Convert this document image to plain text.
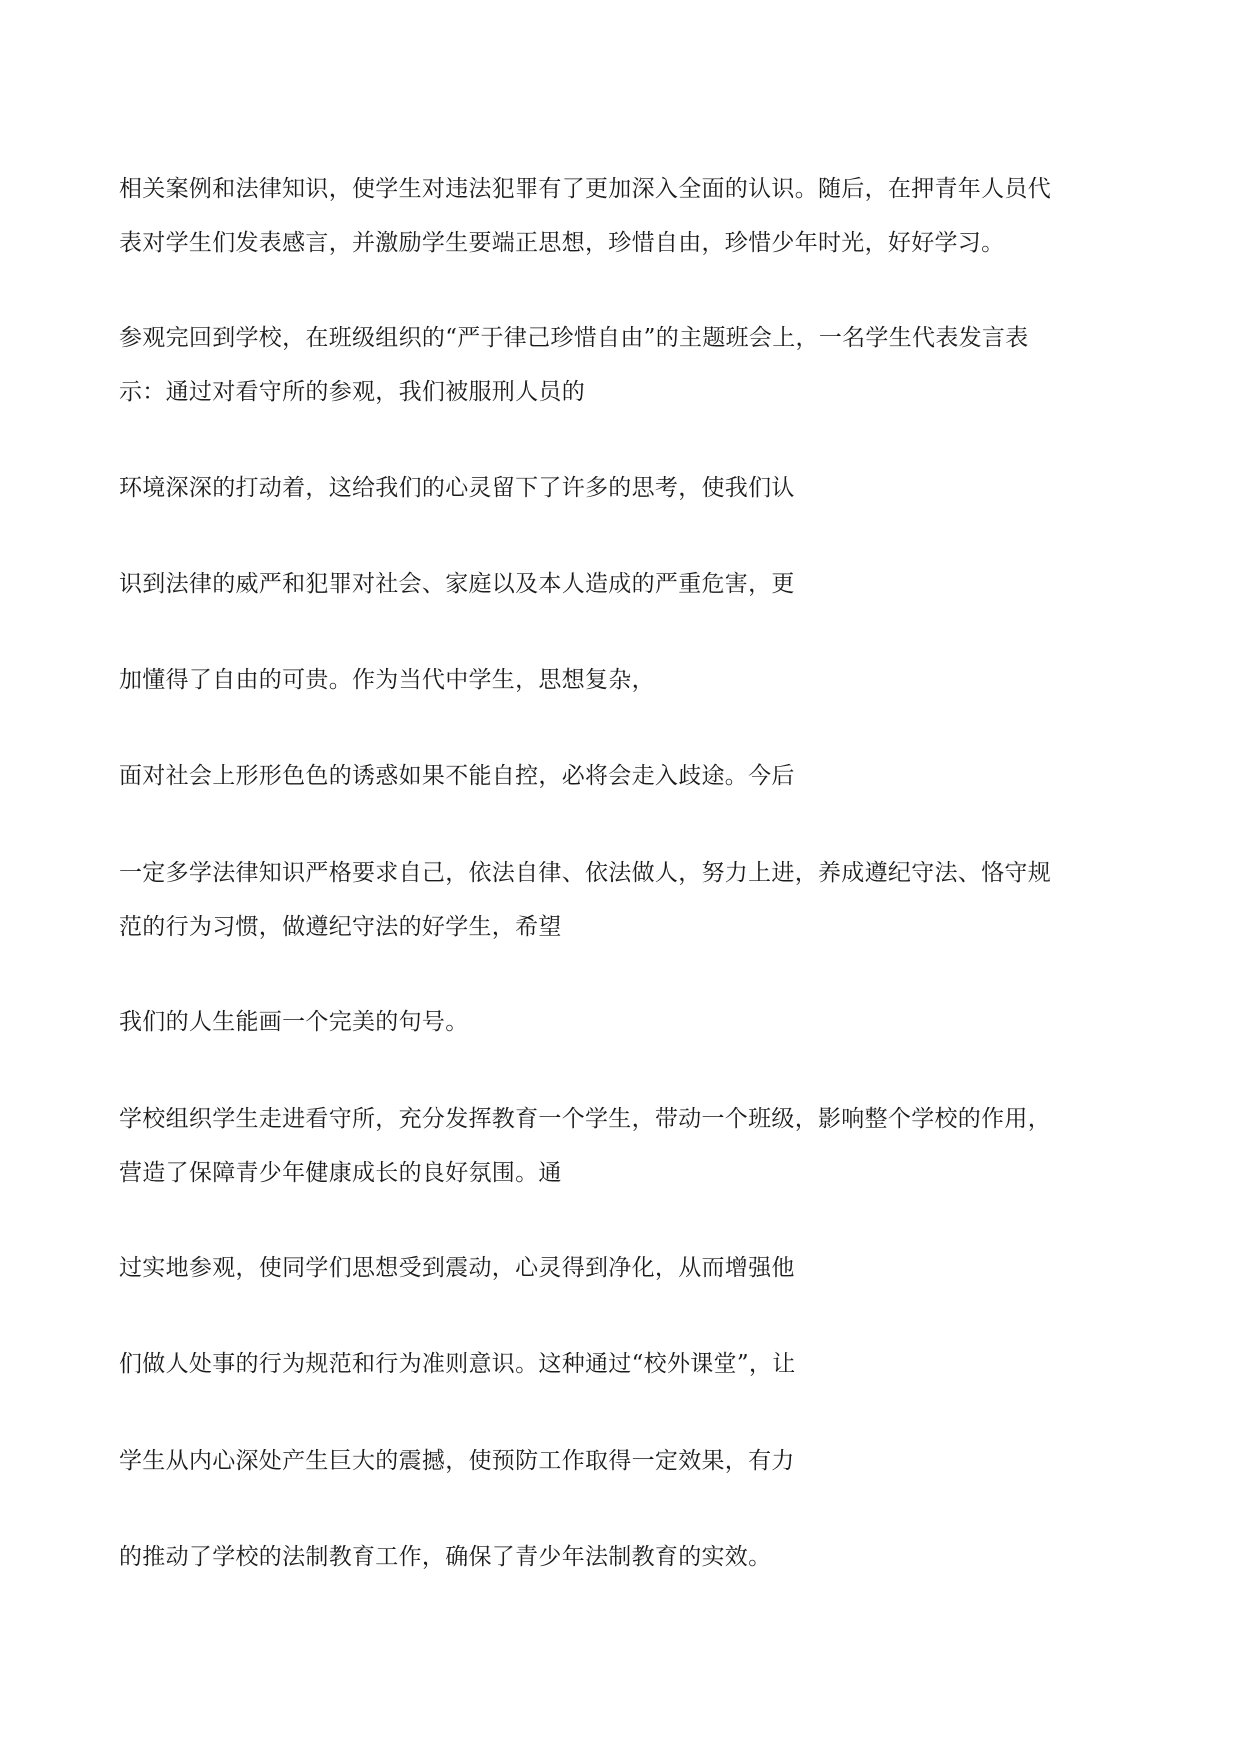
相关案例和法律知识，使学生对违法犯罪有了更加深入全面的认识。随后，在押青年人员代
表对学生们发表感言，并激励学生要端正思想，珍惜自由，珍惜少年时光，好好学习。
参观完回到学校，在班级组织的“严于律己珍惜自由”的主题班会上，一名学生代表发言表
示：通过对看守所的参观，我们被服刑人员的
环境深深的打动着，这给我们的心灵留下了许多的思考，使我们认
识到法律的威严和犯罪对社会、家庭以及本人造成的严重危害，更
加懂得了自由的可贵。作为当代中学生，思想复杂，
面对社会上形形色色的诱惑如果不能自控，必将会走入歧途。今后
一定多学法律知识严格要求自己，依法自律、依法做人，努力上进，养成遵纪守法、恪守规
范的行为习惯，做遵纪守法的好学生，希望
我们的人生能画一个完美的句号。
学校组织学生走进看守所，充分发挥教育一个学生，带动一个班级，影响整个学校的作用，
营造了保障青少年健康成长的良好氛围。通
过实地参观，使同学们思想受到震动，心灵得到净化，从而增强他
们做人处事的行为规范和行为准则意识。这种通过“校外课堂”，让
学生从内心深处产生巨大的震撼，使预防工作取得一定效果，有力
的推动了学校的法制教育工作，确保了青少年法制教育的实效。
